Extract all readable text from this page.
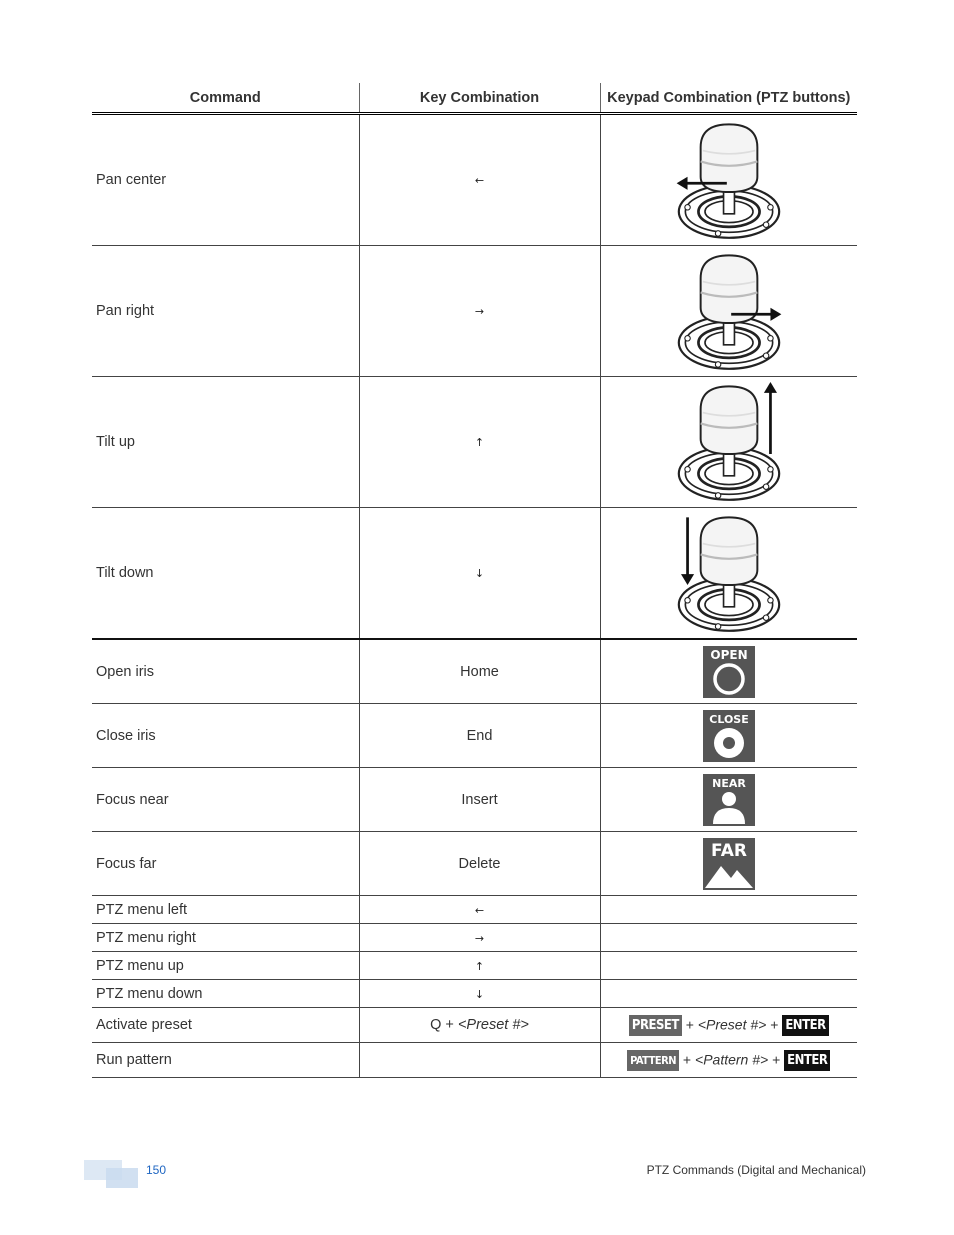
Command	Key Combination	Keypad Combination (PTZ buttons)
Pan center	←	

Pan right	→	

Tilt up	↑	

Tilt down	↓	

Open iris	Home	OPEN

Close iris	End	CLOSE

Focus near	Insert	NEAR

Focus far	Delete	FAR

PTZ menu left	←	
PTZ menu right	→	
PTZ menu up	↑	
PTZ menu down	↓	
Activate preset	Q + <Preset #>	PRESET + <Preset #> + ENTER
Run pattern		PATTERN + <Pattern #> + ENTER
150	PTZ Commands (Digital and Mechanical)
